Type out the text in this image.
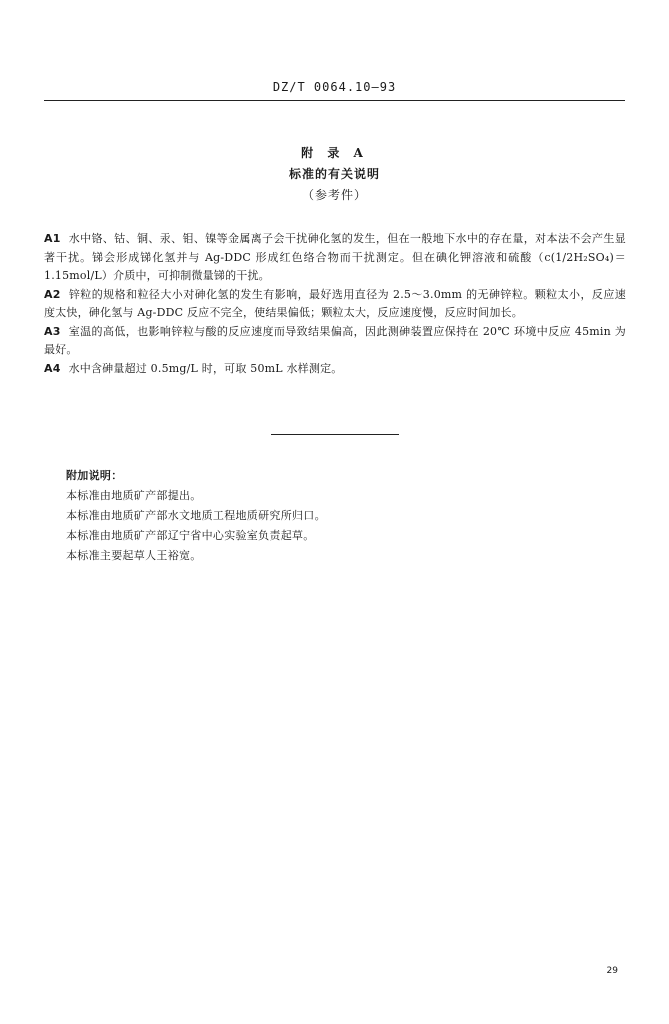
DZ/T 0064.10—93
附 录 A
标准的有关说明
（参考件）

A1 水中铬、钴、铜、汞、钼、镍等金属离子会干扰砷化氢的发生，但在一般地下水中的存在量，对本法不会产生显著干扰。锑会形成锑化氢并与 Ag-DDC 形成红色络合物而干扰测定。但在碘化钾溶液和硫酸（c(1/2H₂SO₄)＝1.15mol/L）介质中，可抑制微量锑的干扰。

A2 锌粒的规格和粒径大小对砷化氢的发生有影响，最好选用直径为 2.5～3.0mm 的无砷锌粒。颗粒太小，反应速度太快，砷化氢与 Ag-DDC 反应不完全，使结果偏低；颗粒太大，反应速度慢，反应时间加长。

A3 室温的高低，也影响锌粒与酸的反应速度而导致结果偏高，因此测砷装置应保持在 20℃ 环境中反应 45min 为最好。

A4 水中含砷量超过 0.5mg/L 时，可取 50mL 水样测定。

附加说明：
本标准由地质矿产部提出。
本标准由地质矿产部水文地质工程地质研究所归口。
本标准由地质矿产部辽宁省中心实验室负责起草。
本标准主要起草人王裕宽。
29
